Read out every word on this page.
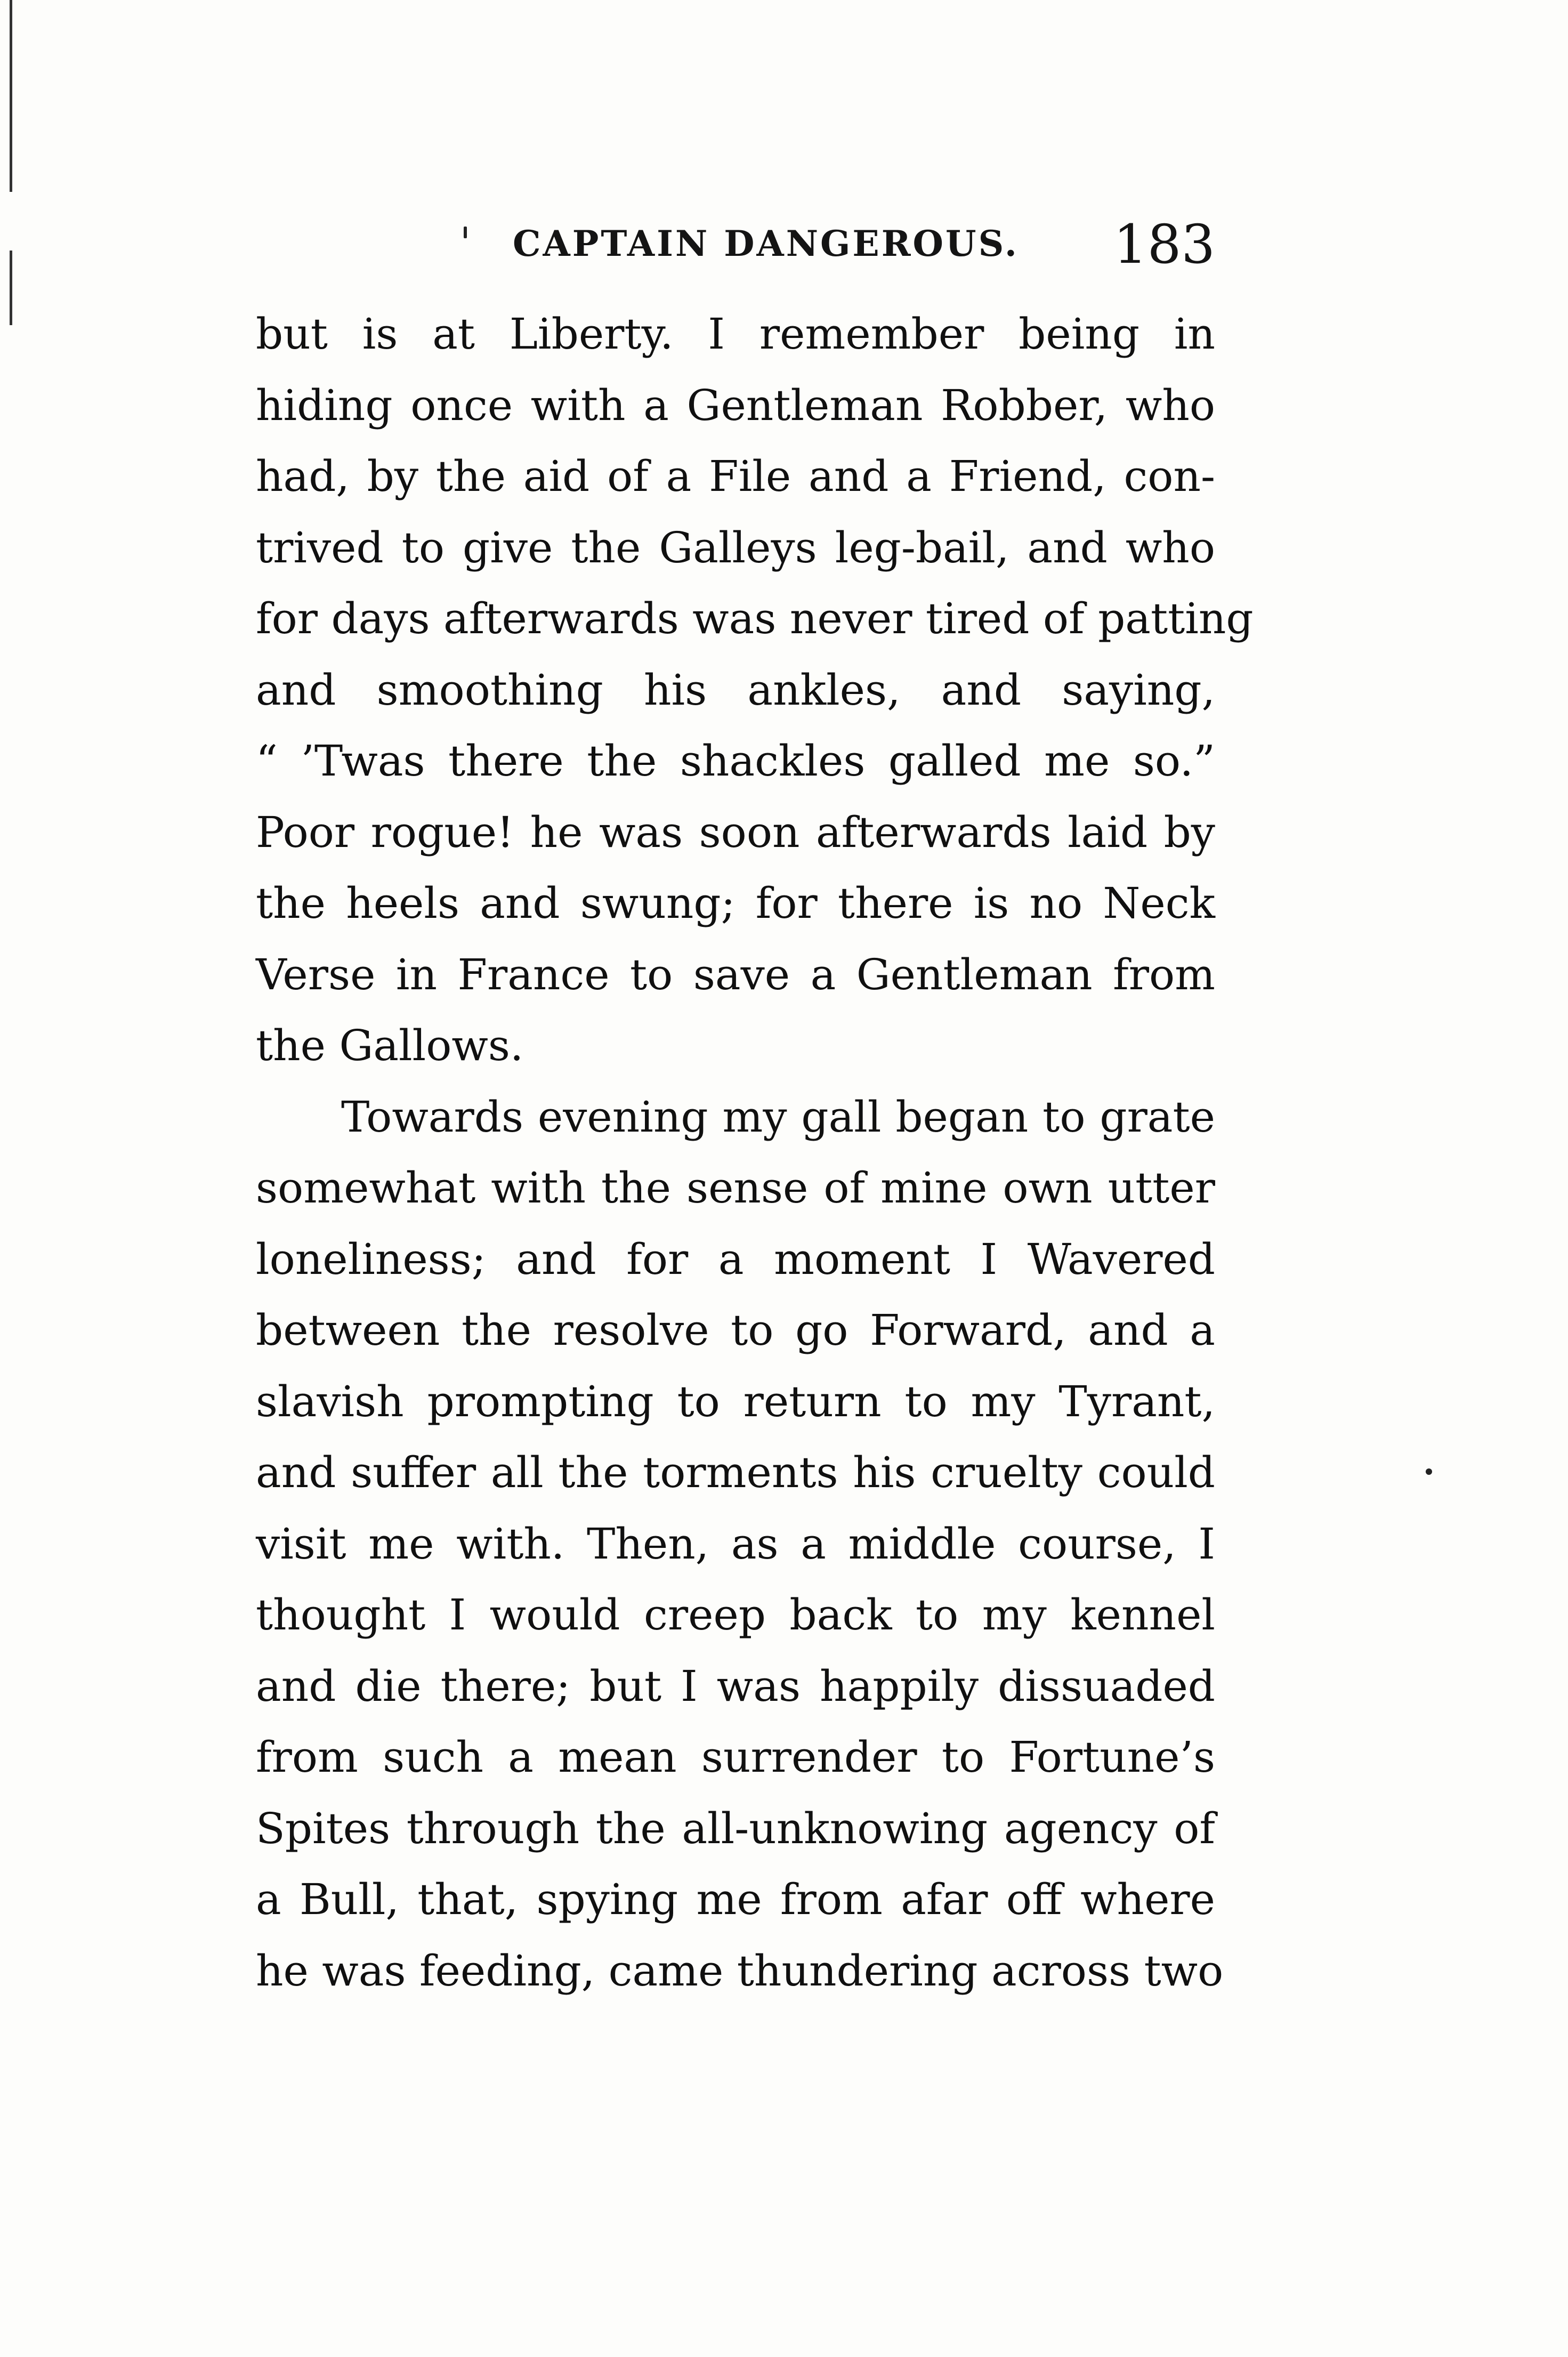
CAPTAIN DANGEROUS. 183
but is at Liberty. I remember being in
hiding once with a Gentleman Robber, who
had, by the aid of a File and a Friend, con-
trived to give the Galleys leg-bail, and who
for days afterwards was never tired of patting
and smoothing his ankles, and saying,
“ ’Twas there the shackles galled me so.”
Poor rogue! he was soon afterwards laid by
the heels and swung; for there is no Neck
Verse in France to save a Gentleman from
the Gallows.
Towards evening my gall began to grate
somewhat with the sense of mine own utter
loneliness; and for a moment I Wavered
between the resolve to go Forward, and a
slavish prompting to return to my Tyrant,
and suffer all the torments his cruelty could
visit me with. Then, as a middle course, I
thought I would creep back to my kennel
and die there; but I was happily dissuaded
from such a mean surrender to Fortune’s
Spites through the all-unknowing agency of
a Bull, that, spying me from afar off where
he was feeding, came thundering across two
